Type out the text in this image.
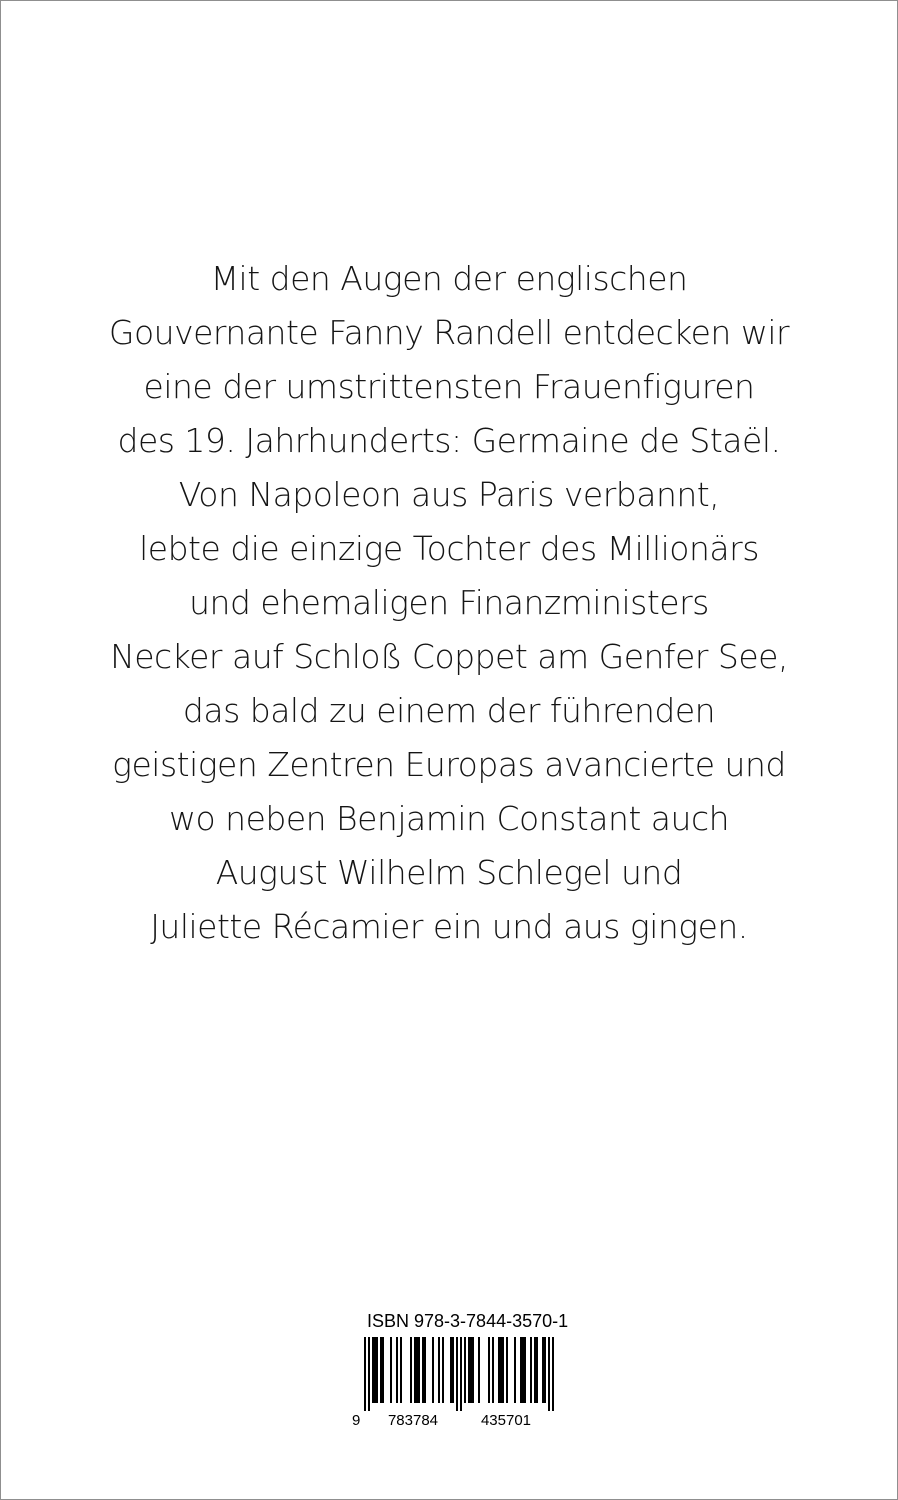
Mit den Augen der englischen
Gouvernante Fanny Randell entdecken wir
eine der umstrittensten Frauenfiguren
des 19. Jahrhunderts: Germaine de Staël.
Von Napoleon aus Paris verbannt,
lebte die einzige Tochter des Millionärs
und ehemaligen Finanzministers
Necker auf Schloß Coppet am Genfer See,
das bald zu einem der führenden
geistigen Zentren Europas avancierte und
wo neben Benjamin Constant auch
August Wilhelm Schlegel und
Juliette Récamier ein und aus gingen.
ISBN 978-3-7844-3570-1
9 783784	435701
